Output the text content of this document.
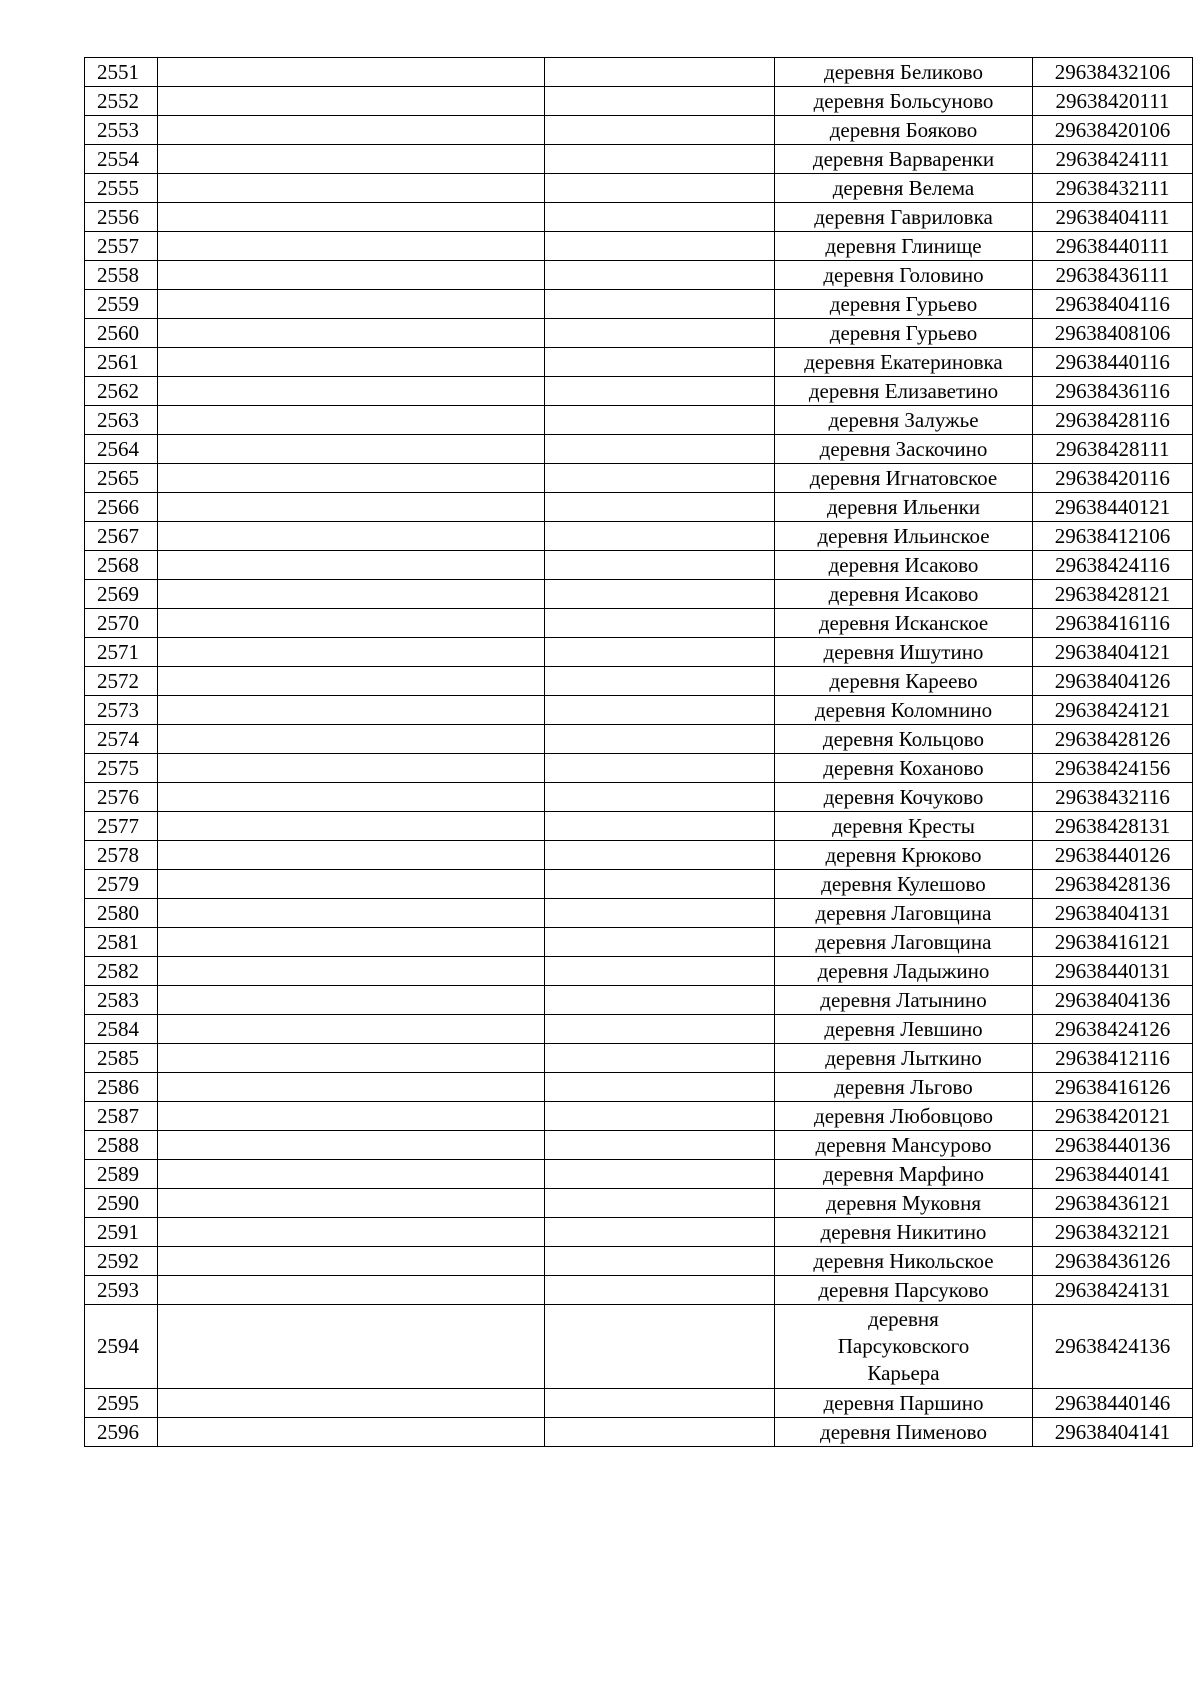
2551			деревня Беликово	29638432106
2552			деревня Больсуново	29638420111
2553			деревня Бояково	29638420106
2554			деревня Варваренки	29638424111
2555			деревня Велема	29638432111
2556			деревня Гавриловка	29638404111
2557			деревня Глинище	29638440111
2558			деревня Головино	29638436111
2559			деревня Гурьево	29638404116
2560			деревня Гурьево	29638408106
2561			деревня Екатериновка	29638440116
2562			деревня Елизаветино	29638436116
2563			деревня Залужье	29638428116
2564			деревня Заскочино	29638428111
2565			деревня Игнатовское	29638420116
2566			деревня Ильенки	29638440121
2567			деревня Ильинское	29638412106
2568			деревня Исаково	29638424116
2569			деревня Исаково	29638428121
2570			деревня Исканское	29638416116
2571			деревня Ишутино	29638404121
2572			деревня Кареево	29638404126
2573			деревня Коломнино	29638424121
2574			деревня Кольцово	29638428126
2575			деревня Коханово	29638424156
2576			деревня Кочуково	29638432116
2577			деревня Кресты	29638428131
2578			деревня Крюково	29638440126
2579			деревня Кулешово	29638428136
2580			деревня Лаговщина	29638404131
2581			деревня Лаговщина	29638416121
2582			деревня Ладыжино	29638440131
2583			деревня Латынино	29638404136
2584			деревня Левшино	29638424126
2585			деревня Лыткино	29638412116
2586			деревня Льгово	29638416126
2587			деревня Любовцово	29638420121
2588			деревня Мансурово	29638440136
2589			деревня Марфино	29638440141
2590			деревня Муковня	29638436121
2591			деревня Никитино	29638432121
2592			деревня Никольское	29638436126
2593			деревня Парсуково	29638424131
2594			деревня
Парсуковского
Карьера	29638424136
2595			деревня Паршино	29638440146
2596			деревня Пименово	29638404141
